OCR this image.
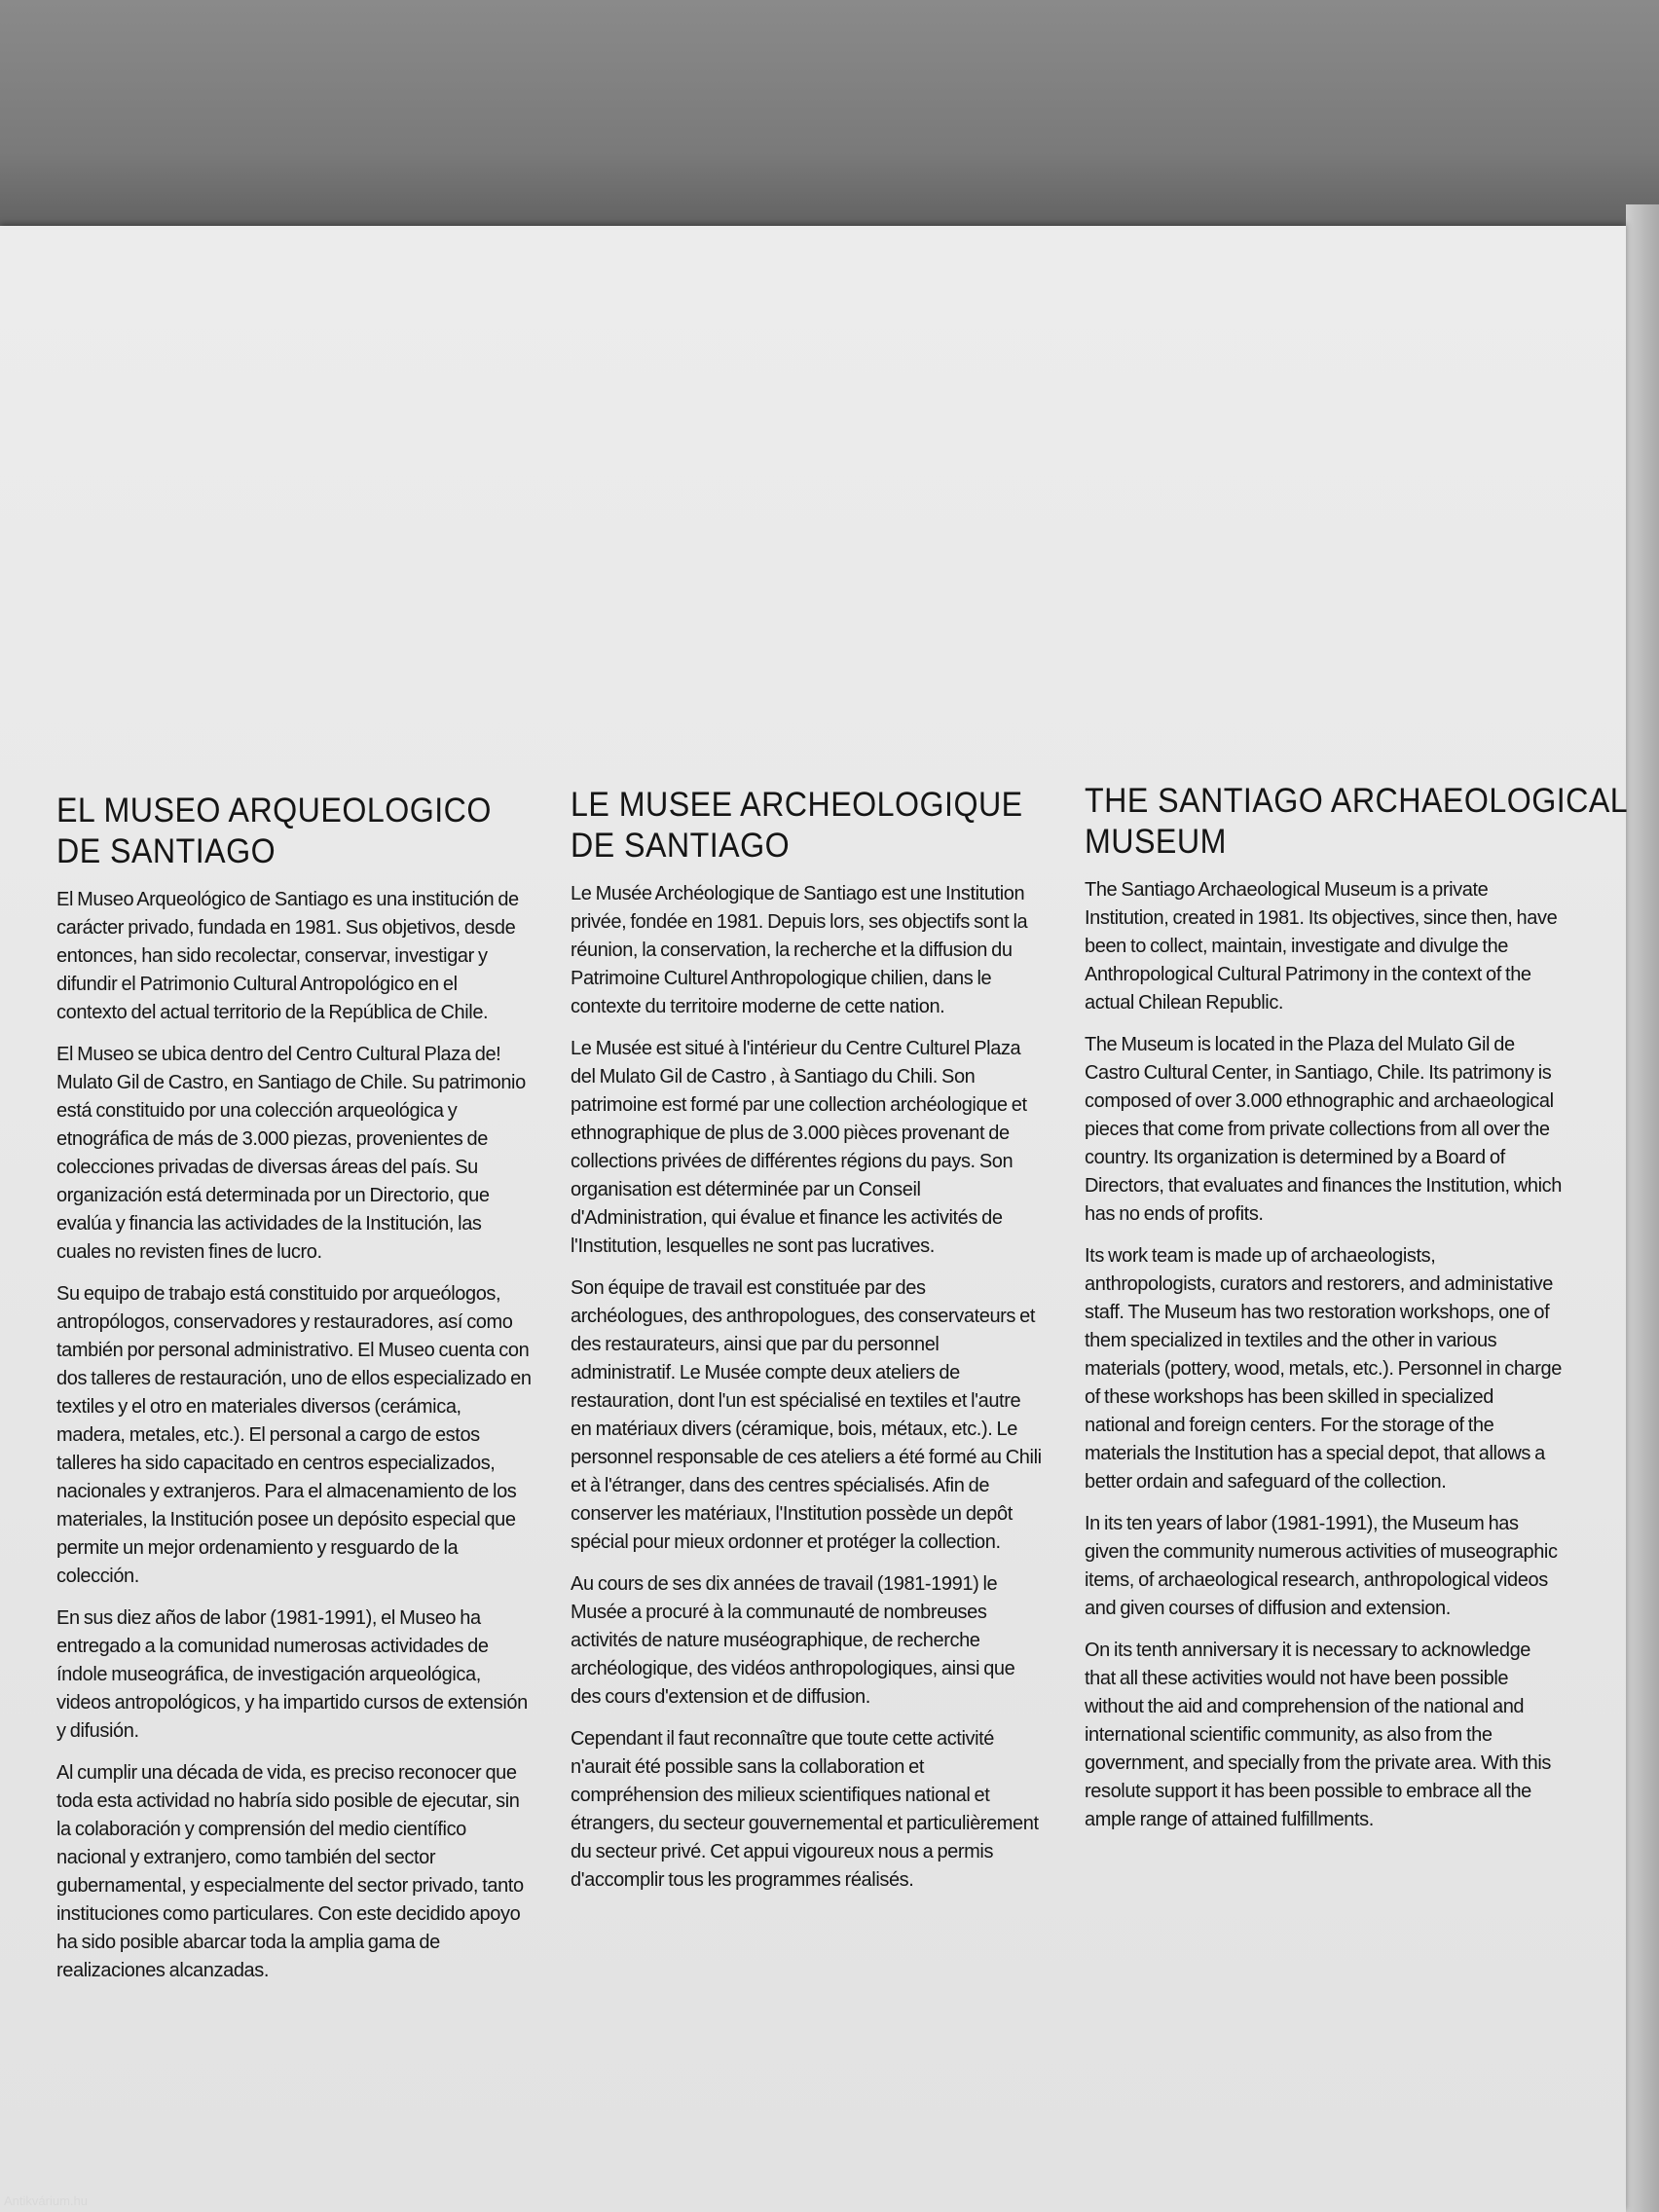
EL MUSEO ARQUEOLOGICO
DE SANTIAGO

El Museo Arqueológico de Santiago es una institución de carácter privado, fundada en 1981. Sus objetivos, desde entonces, han sido recolectar, conservar, investigar y difundir el Patrimonio Cultural Antropológico en el contexto del actual territorio de la República de Chile.

El Museo se ubica dentro del Centro Cultural Plaza de! Mulato Gil de Castro, en Santiago de Chile. Su patrimonio está constituido por una colección arqueológica y etnográfica de más de 3.000 piezas, provenientes de colecciones privadas de diversas áreas del país. Su organización está determinada por un Directorio, que evalúa y financia las actividades de la Institución, las cuales no revisten fines de lucro.

Su equipo de trabajo está constituido por arqueólogos, antropólogos, conservadores y restauradores, así como también por personal administrativo. El Museo cuenta con dos talleres de restauración, uno de ellos especializado en textiles y el otro en materiales diversos (cerámica, madera, metales, etc.). El personal a cargo de estos talleres ha sido capacitado en centros especializados, nacionales y extranjeros. Para el almacenamiento de los materiales, la Institución posee un depósito especial que permite un mejor ordenamiento y resguardo de la colección.

En sus diez años de labor (1981-1991), el Museo ha entregado a la comunidad numerosas actividades de índole museográfica, de investigación arqueológica, videos antropológicos, y ha impartido cursos de extensión y difusión.

Al cumplir una década de vida, es preciso reconocer que toda esta actividad no habría sido posible de ejecutar, sin la colaboración y comprensión del medio científico nacional y extranjero, como también del sector gubernamental, y especialmente del sector privado, tanto instituciones como particulares. Con este decidido apoyo ha sido posible abarcar toda la amplia gama de realizaciones alcanzadas.

LE MUSEE ARCHEOLOGIQUE
DE SANTIAGO

Le Musée Archéologique de Santiago est une Institution privée, fondée en 1981. Depuis lors, ses objectifs sont la réunion, la conservation, la recherche et la diffusion du Patrimoine Culturel Anthropologique chilien, dans le contexte du territoire moderne de cette nation.

Le Musée est situé à l'intérieur du Centre Culturel Plaza del Mulato Gil de Castro , à Santiago du Chili. Son patrimoine est formé par une collection archéologique et ethnographique de plus de 3.000 pièces provenant de collections privées de différentes régions du pays. Son organisation est déterminée par un Conseil d'Administration, qui évalue et finance les activités de l'Institution, lesquelles ne sont pas lucratives.

Son équipe de travail est constituée par des archéologues, des anthropologues, des conservateurs et des restaurateurs, ainsi que par du personnel administratif. Le Musée compte deux ateliers de restauration, dont l'un est spécialisé en textiles et l'autre en matériaux divers (céramique, bois, métaux, etc.). Le personnel responsable de ces ateliers a été formé au Chili et à l'étranger, dans des centres spécialisés. Afin de conserver les matériaux, l'Institution possède un depôt spécial pour mieux ordonner et protéger la collection.

Au cours de ses dix années de travail (1981-1991) le Musée a procuré à la communauté de nombreuses activités de nature muséographique, de recherche archéologique, des vidéos anthropologiques, ainsi que des cours d'extension et de diffusion.

Cependant il faut reconnaître que toute cette activité n'aurait été possible sans la collaboration et compréhension des milieux scientifiques national et étrangers, du secteur gouvernemental et particulièrement du secteur privé. Cet appui vigoureux nous a permis d'accomplir tous les programmes réalisés.

THE SANTIAGO ARCHAEOLOGICAL
MUSEUM

The Santiago Archaeological Museum is a private Institution, created in 1981. Its objectives, since then, have been to collect, maintain, investigate and divulge the Anthropological Cultural Patrimony in the context of the actual Chilean Republic.

The Museum is located in the Plaza del Mulato Gil de Castro Cultural Center, in Santiago, Chile. Its patrimony is composed of over 3.000 ethnographic and archaeological pieces that come from private collections from all over the country. Its organization is determined by a Board of Directors, that evaluates and finances the Institution, which has no ends of profits.

Its work team is made up of archaeologists, anthropologists, curators and restorers, and administative staff. The Museum has two restoration workshops, one of them specialized in textiles and the other in various materials (pottery, wood, metals, etc.). Personnel in charge of these workshops has been skilled in specialized national and foreign centers. For the storage of the materials the Institution has a special depot, that allows a better ordain and safeguard of the collection.

In its ten years of labor (1981-1991), the Museum has given the community numerous activities of museographic items, of archaeological research, anthropological videos and given courses of diffusion and extension.

On its tenth anniversary it is necessary to acknowledge that all these activities would not have been possible without the aid and comprehension of the national and international scientific community, as also from the government, and specially from the private area. With this resolute support it has been possible to embrace all the ample range of attained fulfillments.

Antikvárium.hu
